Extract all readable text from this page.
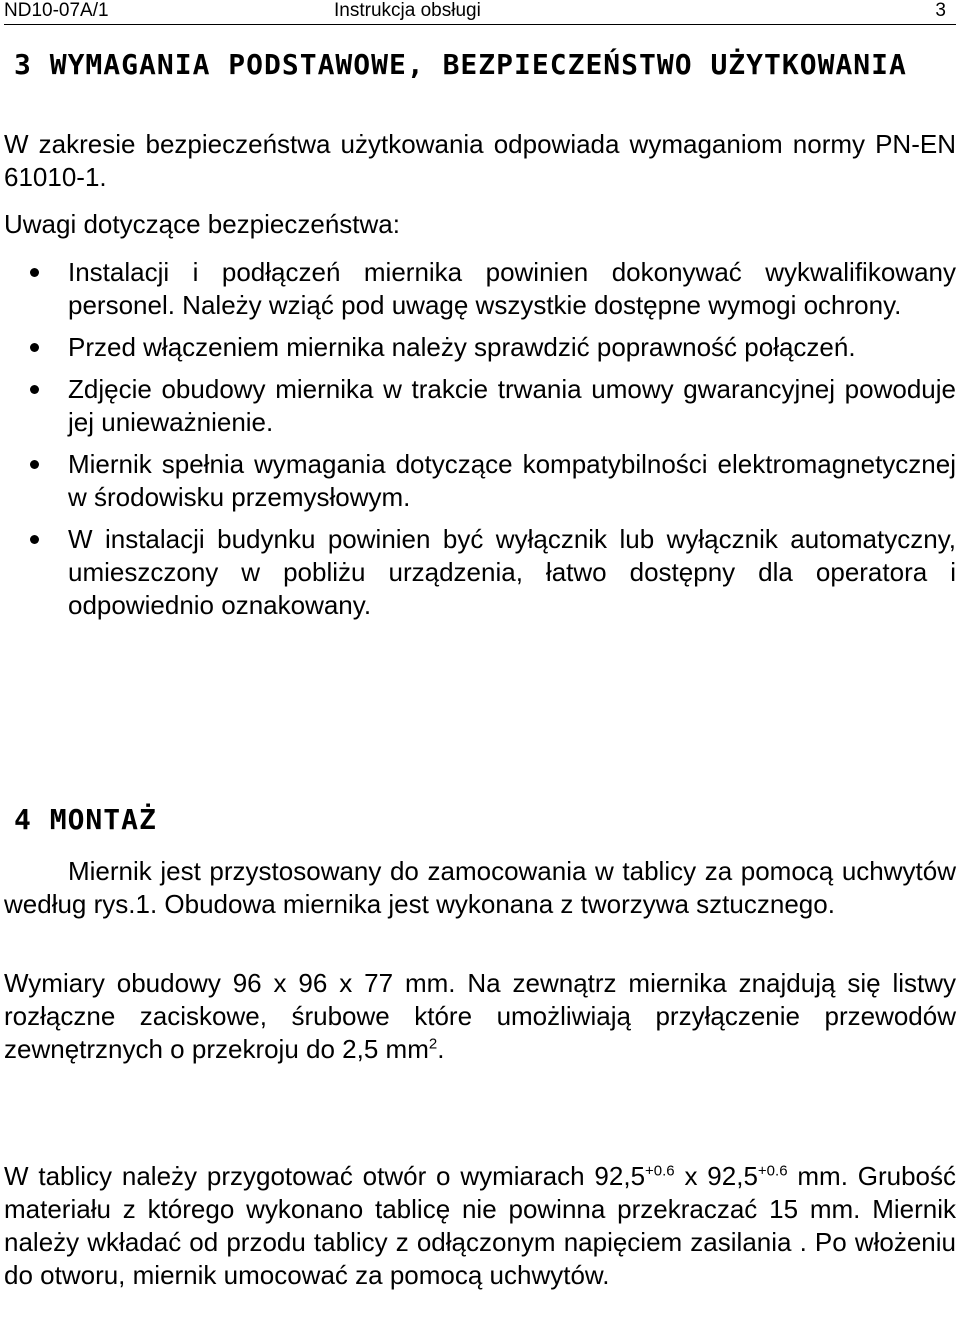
ND10-07A/1	Instrukcja obsługi	3
3 WYMAGANIA PODSTAWOWE, BEZPIECZEŃSTWO UŻYTKOWANIA

W zakresie bezpieczeństwa użytkowania odpowiada wymaganiom normy PN-EN 61010-1.

Uwagi dotyczące bezpieczeństwa:

Instalacji i podłączeń miernika powinien dokonywać wykwalifikowany personel. Należy wziąć pod uwagę wszystkie dostępne wymogi ochrony.
Przed włączeniem miernika należy sprawdzić poprawność połączeń.
Zdjęcie obudowy miernika w trakcie trwania umowy gwarancyjnej powoduje jej unieważnienie.
Miernik spełnia wymagania dotyczące kompatybilności elektromagnetycznej w środowisku przemysłowym.
W instalacji budynku powinien być wyłącznik lub wyłącznik automatyczny, umieszczony w pobliżu urządzenia, łatwo dostępny dla operatora i odpowiednio oznakowany.
4 MONTAŻ

Miernik jest przystosowany do zamocowania w tablicy za pomocą uchwytów według rys.1. Obudowa miernika jest wykonana z tworzywa sztucznego.

Wymiary obudowy 96 x 96 x 77 mm. Na zewnątrz miernika znajdują się listwy rozłączne zaciskowe, śrubowe które umożliwiają przyłączenie przewodów zewnętrznych o przekroju do 2,5 $mm^2$.

W tablicy należy przygotować otwór o wymiarach $92,5^{+0.6}$ x $92,5^{+0.6}$ mm. Grubość materiału z którego wykonano tablicę nie powinna przekraczać 15 mm. Miernik należy wkładać od przodu tablicy z odłączonym napięciem zasilania . Po włożeniu do otworu, miernik umocować za pomocą uchwytów.
